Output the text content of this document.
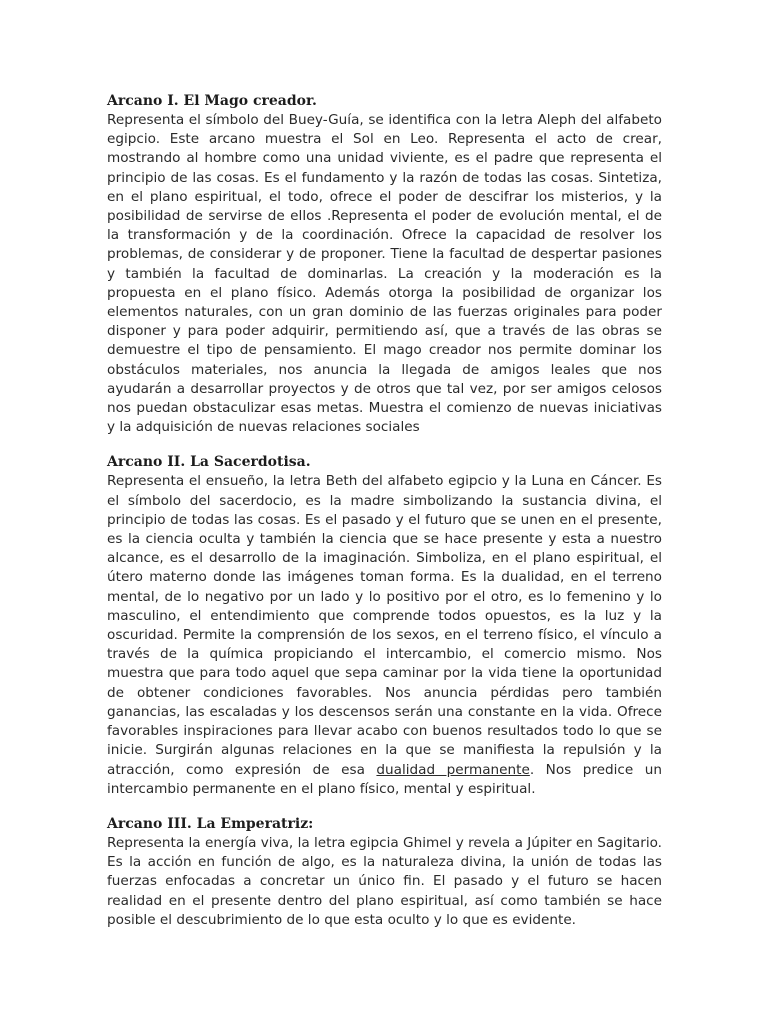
Arcano I. El Mago creador.

Representa el símbolo del Buey-Guía, se identifica con la letra Aleph del alfabeto egipcio. Este arcano muestra el Sol en Leo. Representa el acto de crear, mostrando al hombre como una unidad viviente, es el padre que representa el principio de las cosas. Es el fundamento y la razón de todas las cosas. Sintetiza, en el plano espiritual, el todo, ofrece el poder de descifrar los misterios, y la posibilidad de servirse de ellos .Representa el poder de evolución mental, el de la transformación y de la coordinación. Ofrece la capacidad de resolver los problemas, de considerar y de proponer. Tiene la facultad de despertar pasiones y también la facultad de dominarlas. La creación y la moderación es la propuesta en el plano físico. Además otorga la posibilidad de organizar los elementos naturales, con un gran dominio de las fuerzas originales para poder disponer y para poder adquirir, permitiendo así, que a través de las obras se demuestre el tipo de pensamiento. El mago creador nos permite dominar los obstáculos materiales, nos anuncia la llegada de amigos leales que nos ayudarán a desarrollar proyectos y de otros que tal vez, por ser amigos celosos nos puedan obstaculizar esas metas. Muestra el comienzo de nuevas iniciativas y la adquisición de nuevas relaciones sociales

Arcano II. La Sacerdotisa.

Representa el ensueño, la letra Beth del alfabeto egipcio y la Luna en Cáncer. Es el símbolo del sacerdocio, es la madre simbolizando la sustancia divina, el principio de todas las cosas. Es el pasado y el futuro que se unen en el presente, es la ciencia oculta y también la ciencia que se hace presente y esta a nuestro alcance, es el desarrollo de la imaginación. Simboliza, en el plano espiritual, el útero materno donde las imágenes toman forma. Es la dualidad, en el terreno mental, de lo negativo por un lado y lo positivo por el otro, es lo femenino y lo masculino, el entendimiento que comprende todos opuestos, es la luz y la oscuridad. Permite la comprensión de los sexos, en el terreno físico, el vínculo a través de la química propiciando el intercambio, el comercio mismo. Nos muestra que para todo aquel que sepa caminar por la vida tiene la oportunidad de obtener condiciones favorables. Nos anuncia pérdidas pero también ganancias, las escaladas y los descensos serán una constante en la vida. Ofrece favorables inspiraciones para llevar acabo con buenos resultados todo lo que se inicie. Surgirán algunas relaciones en la que se manifiesta la repulsión y la atracción, como expresión de esa dualidad permanente. Nos predice un intercambio permanente en el plano físico, mental y espiritual.

Arcano III. La Emperatriz:

Representa la energía viva, la letra egipcia Ghimel y revela a Júpiter en Sagitario. Es la acción en función de algo, es la naturaleza divina, la unión de todas las fuerzas enfocadas a concretar un único fin. El pasado y el futuro se hacen realidad en el presente dentro del plano espiritual, así como también se hace posible el descubrimiento de lo que esta oculto y lo que es evidente.
